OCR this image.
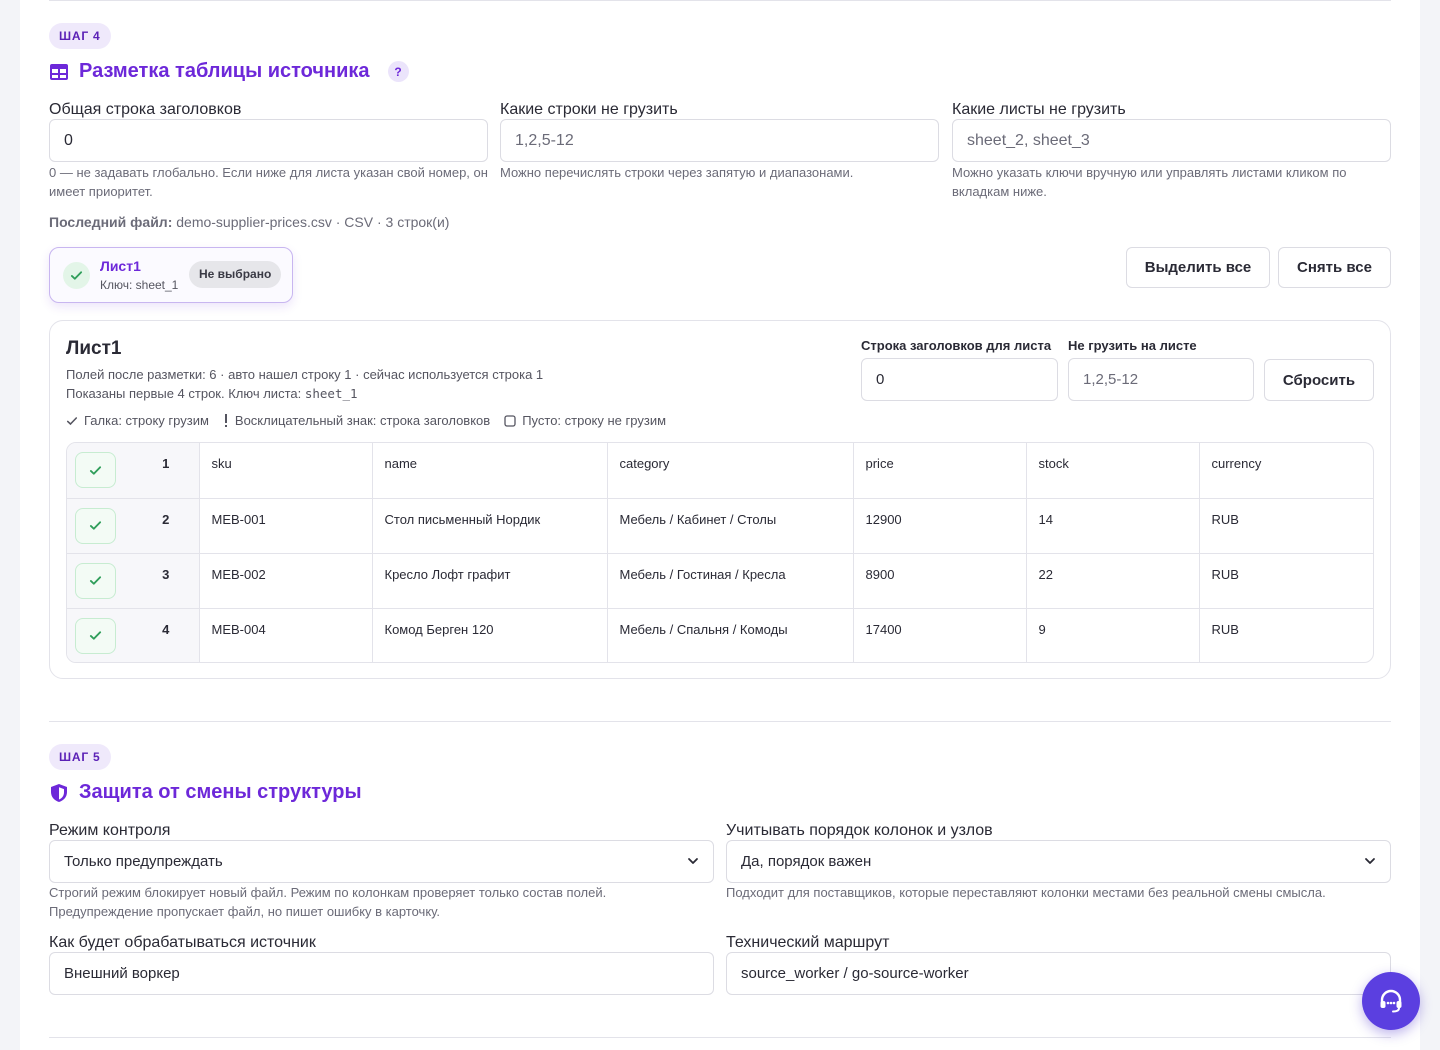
ШАГ 4
Разметка таблицы источника	?
Общая строка заголовков
0
0 — не задавать глобально. Если ниже для листа указан свой номер, он имеет приоритет.
Какие строки не грузить
1,2,5-12
Можно перечислять строки через запятую и диапазонами.
Какие листы не грузить
sheet_2, sheet_3
Можно указать ключи вручную или управлять листами кликом по вкладкам ниже.
Последний файл: demo-supplier-prices.csv · CSV · 3 строк(и)
Лист1
Ключ: sheet_1
Не выбрано	Выделить все	Снять все
Лист1
Полей после разметки: 6 · авто нашел строку 1 · сейчас используется строка 1
Показаны первые 4 строк. Ключ листа: sheet_1
Галка: строку грузим Восклицательный знак: строка заголовков Пусто: строку не грузим
Строка заголовков для листа Не грузить на листе
0	1,2,5-12	Сбросить
	1	sku	name	category	price	stock	currency

	2	MEB-001	Стол письменный Нордик	Мебель / Кабинет / Столы	12900	14	RUB

	3	MEB-002	Кресло Лофт графит	Мебель / Гостиная / Кресла	8900	22	RUB

	4	MEB-004	Комод Берген 120	Мебель / Спальня / Комоды	17400	9	RUB
ШАГ 5
Защита от смены структуры
Режим контроля
Только предупреждать
Строгий режим блокирует новый файл. Режим по колонкам проверяет только состав полей. Предупреждение пропускает файл, но пишет ошибку в карточку.
Учитывать порядок колонок и узлов
Да, порядок важен
Подходит для поставщиков, которые переставляют колонки местами без реальной смены смысла.
Как будет обрабатываться источник
Внешний воркер
Технический маршрут
source_worker / go-source-worker
